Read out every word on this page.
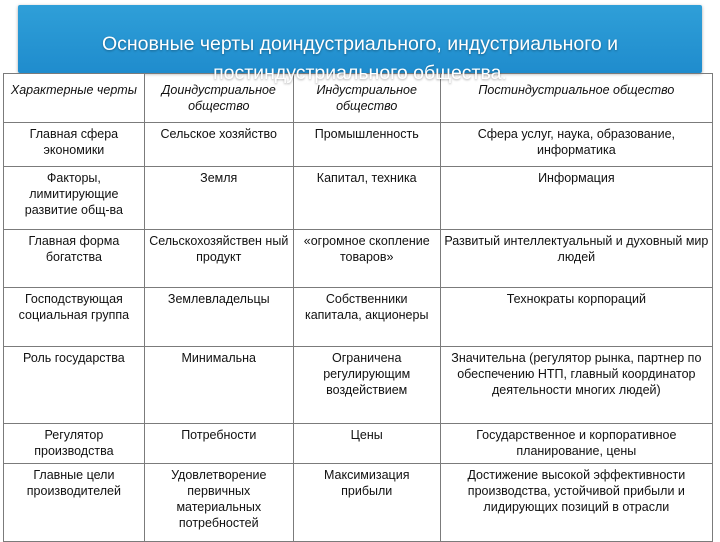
Основные черты доиндустриального, индустриального и постиндустриального общества.
Характерные черты	Доиндустриальное общество	Индустриальное общество	Постиндустриальное общество
Главная сфера экономики	Сельское хозяйство	Промышленность	Сфера услуг, наука, образование, информатика
Факторы, лимитирующие развитие общ-ва	Земля	Капитал, техника	Информация
Главная форма богатства	Сельскохозяйствен ный продукт	«огромное скопление товаров»	Развитый интеллектуальный и духовный мир людей
Господствующая социальная группа	Землевладельцы	Собственники капитала, акционеры	Технократы корпораций
Роль государства	Минимальна	Ограничена регулирующим воздействием	Значительна (регулятор рынка, партнер по обеспечению НТП, главный координатор деятельности многих людей)
Регулятор производства	Потребности	Цены	Государственное и корпоративное планирование, цены
Главные цели производителей	Удовлетворение первичных материальных потребностей	Максимизация прибыли	Достижение высокой эффективности производства, устойчивой прибыли и лидирующих позиций в отрасли
